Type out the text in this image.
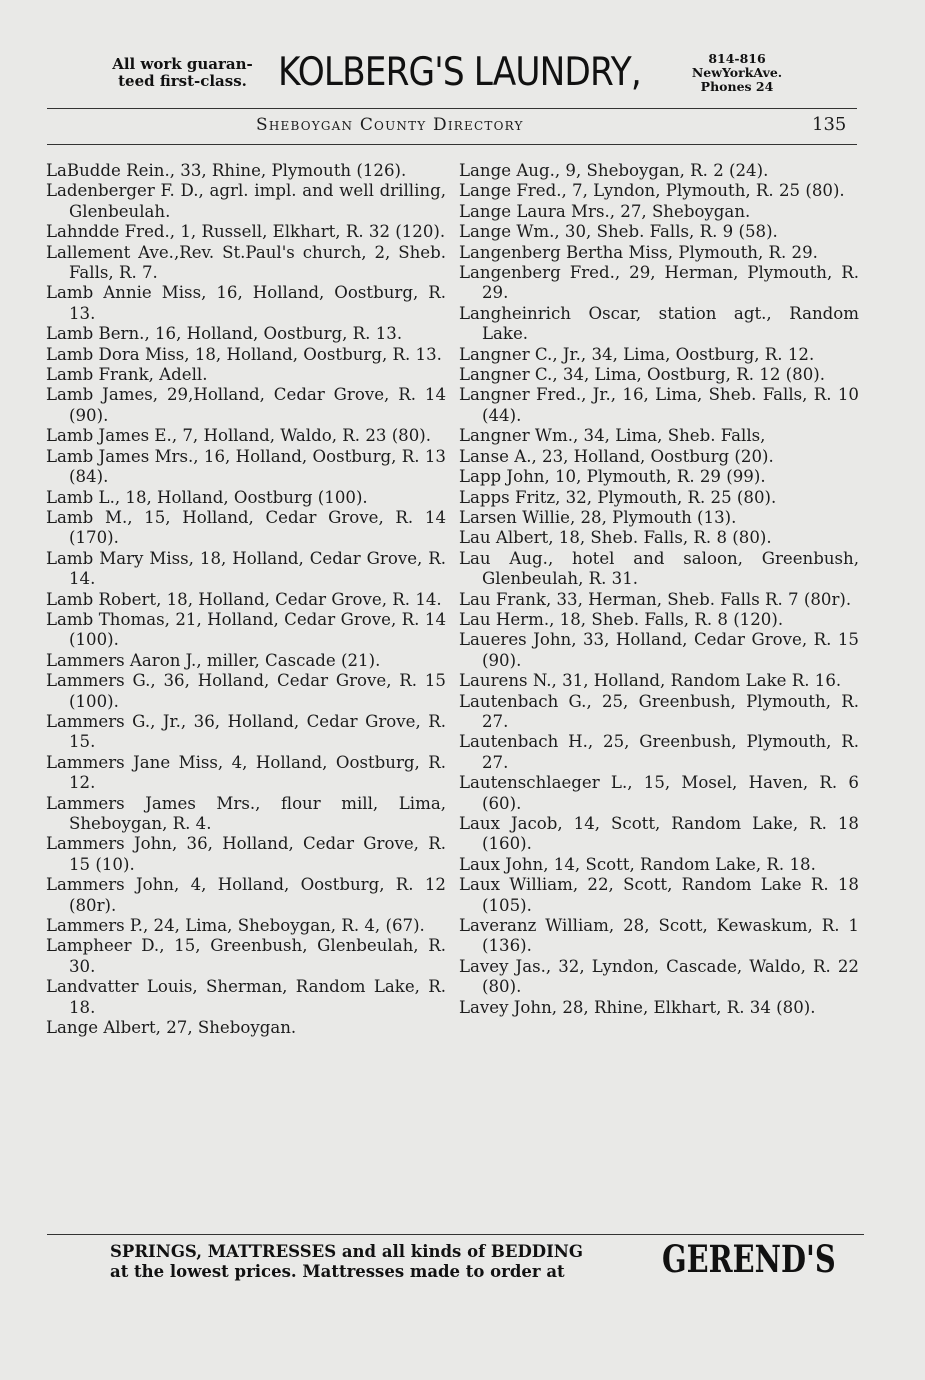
All work guaran-
teed first-class. KOLBERG'S LAUNDRY,	814-816
NewYorkAve.
Phones 24
Sheboygan County Directory	135
LaBudde Rein., 33, Rhine, Plymouth (126).
Ladenberger F. D., agrl. impl. and well drilling, Glenbeulah.
Lahndde Fred., 1, Russell, Elkhart, R. 32 (120).
Lallement Ave.,Rev. St.Paul's church, 2, Sheb. Falls, R. 7.
Lamb Annie Miss, 16, Holland, Oostburg, R. 13.
Lamb Bern., 16, Holland, Oostburg, R. 13.
Lamb Dora Miss, 18, Holland, Oostburg, R. 13.
Lamb Frank, Adell.
Lamb James, 29,Holland, Cedar Grove, R. 14 (90).
Lamb James E., 7, Holland, Waldo, R. 23 (80).
Lamb James Mrs., 16, Holland, Oostburg, R. 13 (84).
Lamb L., 18, Holland, Oostburg (100).
Lamb M., 15, Holland, Cedar Grove, R. 14 (170).
Lamb Mary Miss, 18, Holland, Cedar Grove, R. 14.
Lamb Robert, 18, Holland, Cedar Grove, R. 14.
Lamb Thomas, 21, Holland, Cedar Grove, R. 14 (100).
Lammers Aaron J., miller, Cascade (21).
Lammers G., 36, Holland, Cedar Grove, R. 15 (100).
Lammers G., Jr., 36, Holland, Cedar Grove, R. 15.
Lammers Jane Miss, 4, Holland, Oostburg, R. 12.
Lammers James Mrs., flour mill, Lima, Sheboygan, R. 4.
Lammers John, 36, Holland, Cedar Grove, R. 15 (10).
Lammers John, 4, Holland, Oostburg, R. 12 (80r).
Lammers P., 24, Lima, Sheboygan, R. 4, (67).
Lampheer D., 15, Greenbush, Glenbeulah, R. 30.
Landvatter Louis, Sherman, Random Lake, R. 18.
Lange Albert, 27, Sheboygan.
Lange Aug., 9, Sheboygan, R. 2 (24).
Lange Fred., 7, Lyndon, Plymouth, R. 25 (80).
Lange Laura Mrs., 27, Sheboygan.
Lange Wm., 30, Sheb. Falls, R. 9 (58).
Langenberg Bertha Miss, Plymouth, R. 29.
Langenberg Fred., 29, Herman, Plymouth, R. 29.
Langheinrich Oscar, station agt., Random Lake.
Langner C., Jr., 34, Lima, Oostburg, R. 12.
Langner C., 34, Lima, Oostburg, R. 12 (80).
Langner Fred., Jr., 16, Lima, Sheb. Falls, R. 10 (44).
Langner Wm., 34, Lima, Sheb. Falls,
Lanse A., 23, Holland, Oostburg (20).
Lapp John, 10, Plymouth, R. 29 (99).
Lapps Fritz, 32, Plymouth, R. 25 (80).
Larsen Willie, 28, Plymouth (13).
Lau Albert, 18, Sheb. Falls, R. 8 (80).
Lau Aug., hotel and saloon, Greenbush, Glenbeulah, R. 31.
Lau Frank, 33, Herman, Sheb. Falls R. 7 (80r).
Lau Herm., 18, Sheb. Falls, R. 8 (120).
Laueres John, 33, Holland, Cedar Grove, R. 15 (90).
Laurens N., 31, Holland, Random Lake R. 16.
Lautenbach G., 25, Greenbush, Plymouth, R. 27.
Lautenbach H., 25, Greenbush, Plymouth, R. 27.
Lautenschlaeger L., 15, Mosel, Haven, R. 6 (60).
Laux Jacob, 14, Scott, Random Lake, R. 18 (160).
Laux John, 14, Scott, Random Lake, R. 18.
Laux William, 22, Scott, Random Lake R. 18 (105).
Laveranz William, 28, Scott, Kewaskum, R. 1 (136).
Lavey Jas., 32, Lyndon, Cascade, Waldo, R. 22 (80).
Lavey John, 28, Rhine, Elkhart, R. 34 (80).
SPRINGS, MATTRESSES and all kinds of BEDDING
at the lowest prices. Mattresses made to order at	GEREND'S
